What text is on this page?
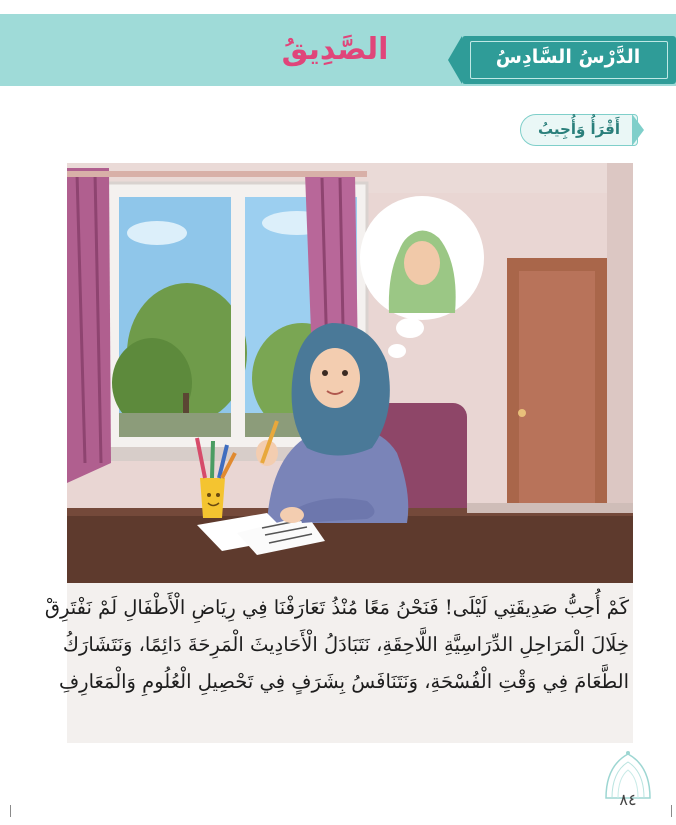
الصَّدِيقُ	الدَّرْسُ السَّادِسُ
أَقْرَأُ وَأُجِيبُ
كَمْ أُحِبُّ صَدِيقَتِي لَيْلَى! فَنَحْنُ مَعًا مُنْذُ تَعَارَفْنَا فِي رِيَاضِ الْأَطْفَالِ لَمْ نَفْتَرِقْ
خِلَالَ الْمَرَاحِلِ الدِّرَاسِيَّةِ اللَّاحِقَةِ، نَتَبَادَلُ الْأَحَادِيثَ الْمَرِحَةَ دَائِمًا، وَنَتَشَارَكُ
الطَّعَامَ فِي وَقْتِ الْفُسْحَةِ، وَنَتَنَافَسُ بِشَرَفٍ فِي تَحْصِيلِ الْعُلُومِ وَالْمَعَارِفِ
٨٤
